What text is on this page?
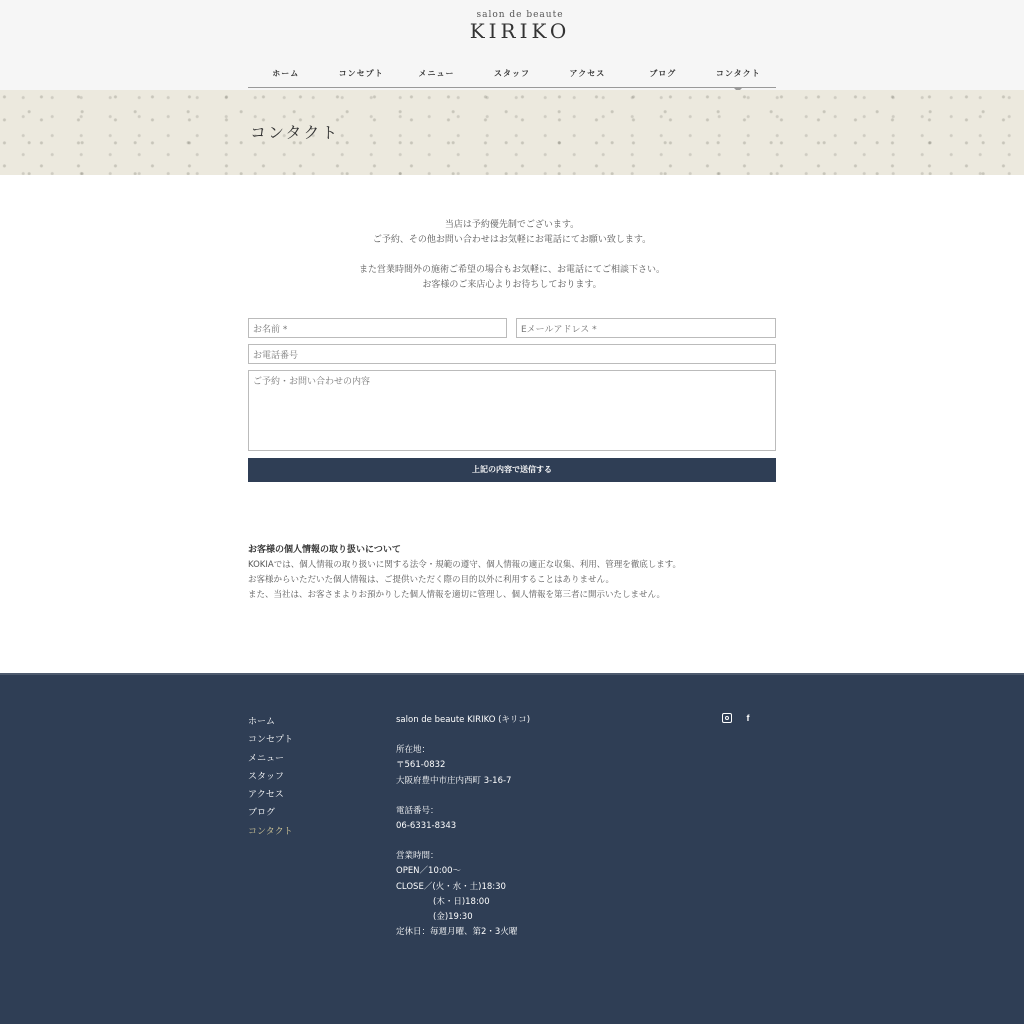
salon de beaute
KIRIKO
ホーム	コンセプト	メニュー	スタッフ	アクセス	ブログ	コンタクト
コンタクト

当店は予約優先制でございます。
ご予約、その他お問い合わせはお気軽にお電話にてお願い致します。

また営業時間外の施術ご希望の場合もお気軽に、お電話にてご相談下さい。
お客様のご来店心よりお待ちしております。

お名前 *	Eメールアドレス *
お電話番号
ご予約・お問い合わせの内容
上記の内容で送信する
お客様の個人情報の取り扱いについて
KOKIAでは、個人情報の取り扱いに関する法令・規範の遵守、個人情報の適正な収集、利用、管理を徹底します。
お客様からいただいた個人情報は、ご提供いただく際の目的以外に利用することはありません。
また、当社は、お客さまよりお預かりした個人情報を適切に管理し、個人情報を第三者に開示いたしません。
ホーム
コンセプト
メニュー
スタッフ
アクセス
ブログ
コンタクト
salon de beaute KIRIKO (キリコ)
所在地：
〒561-0832
大阪府豊中市庄内西町 3-16-7
電話番号：
06-6331-8343
営業時間：
OPEN／10:00～
CLOSE／(火・水・土)18:30
(木・日)18:00
(金)19:30
定休日：毎週月曜、第2・3火曜
f
